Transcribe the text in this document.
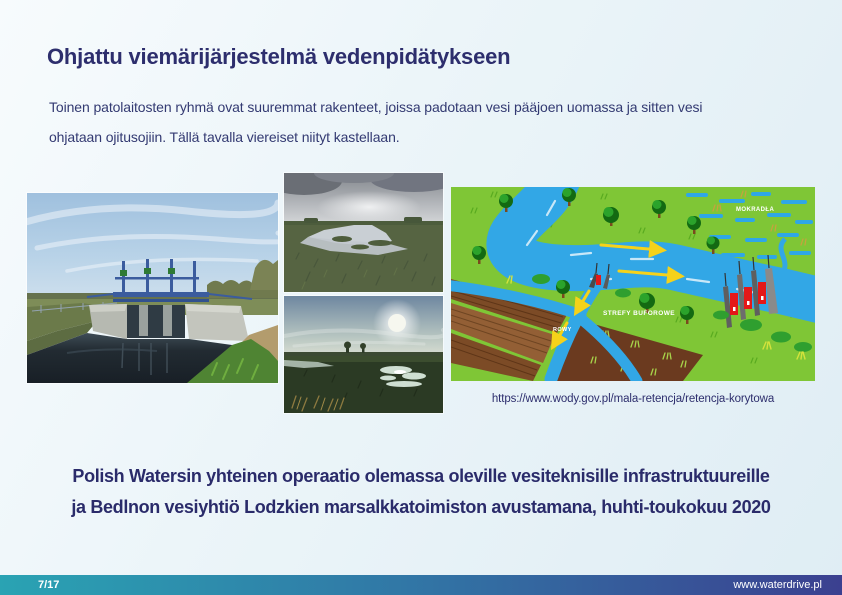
Ohjattu viemärijärjestelmä vedenpidätykseen
Toinen patolaitosten ryhmä ovat suuremmat rakenteet, joissa padotaan vesi pääjoen uomassa ja sitten vesi
ohjataan ojitusojiin. Tällä tavalla viereiset niityt kastellaan.
MOKRADŁA
STREFY BUFOROWE
ROWY
https://www.wody.gov.pl/mala-retencja/retencja-korytowa
Polish Watersin yhteinen operaatio olemassa oleville vesiteknisille infrastruktuureille
ja Bedlnon vesiyhtiö Lodzkien marsalkkatoimiston avustamana, huhti-toukokuu 2020
7/17	www.waterdrive.pl
